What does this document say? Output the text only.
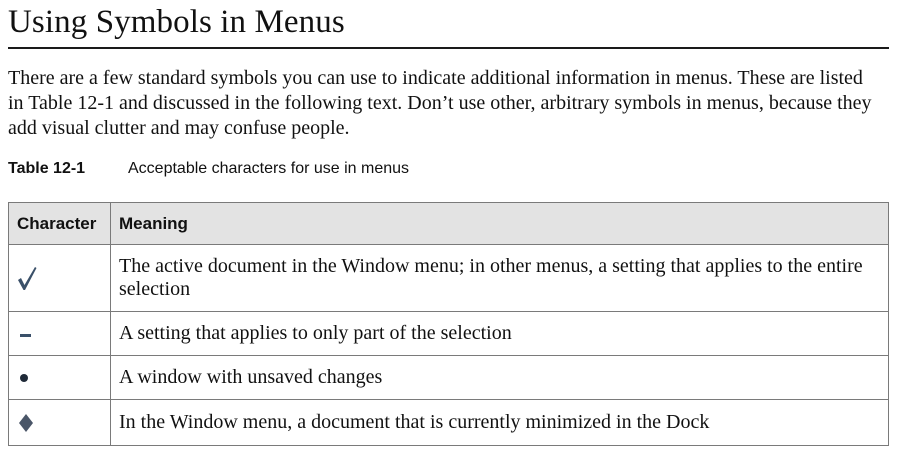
Using Symbols in Menus

There are a few standard symbols you can use to indicate additional information in menus. These are listed in Table 12-1 and discussed in the following text. Don’t use other, arbitrary symbols in menus, because they add visual clutter and may confuse people.

Table 12-1	Acceptable characters for use in menus
Character	Meaning

	The active document in the Window menu; in other menus, a setting that applies to the entire selection

	A setting that applies to only part of the selection

	A window with unsaved changes

	In the Window menu, a document that is currently minimized in the Dock
